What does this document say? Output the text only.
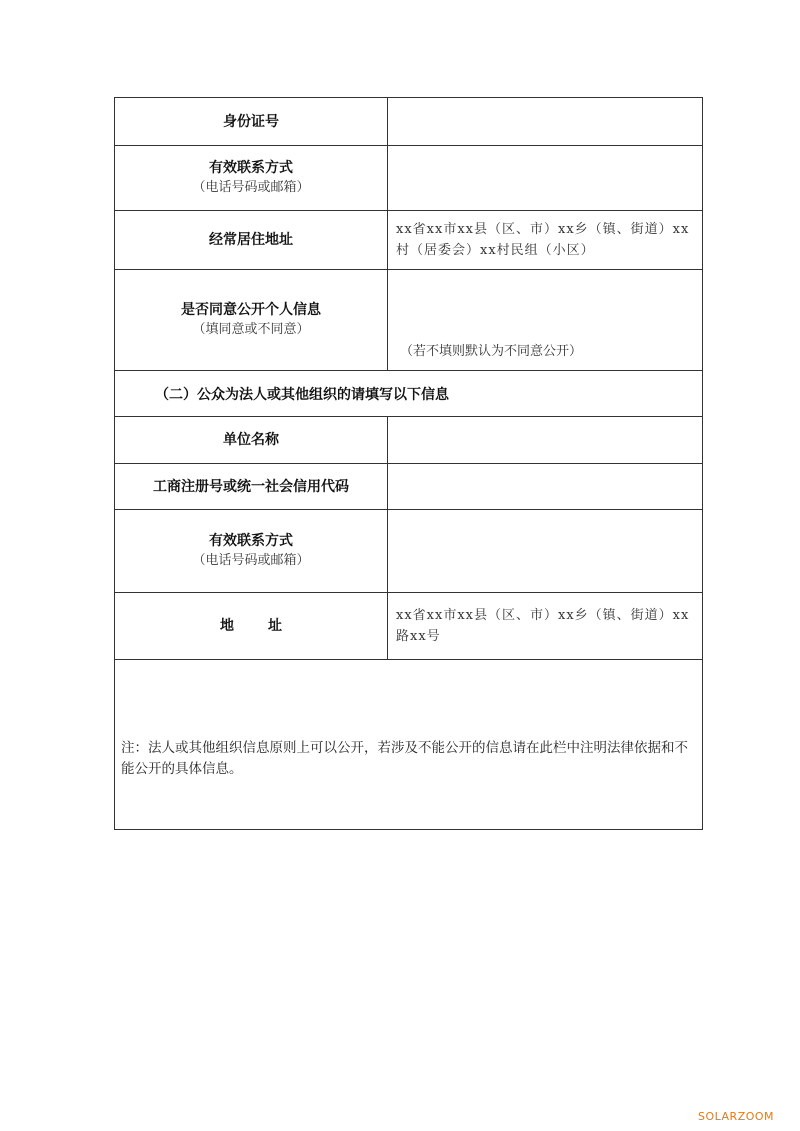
身份证号
有效联系方式
（电话号码或邮箱）
经常居住地址
xx省xx市xx县（区、市）xx乡（镇、街道）xx村（居委会）xx村民组（小区）
是否同意公开个人信息
（填同意或不同意）
（若不填则默认为不同意公开）
（二）公众为法人或其他组织的请填写以下信息
单位名称
工商注册号或统一社会信用代码
有效联系方式
（电话号码或邮箱）
地址
xx省xx市xx县（区、市）xx乡（镇、街道）xx路xx号
注：法人或其他组织信息原则上可以公开，若涉及不能公开的信息请在此栏中注明法律依据和不能公开的具体信息。
SOLARZOOM
